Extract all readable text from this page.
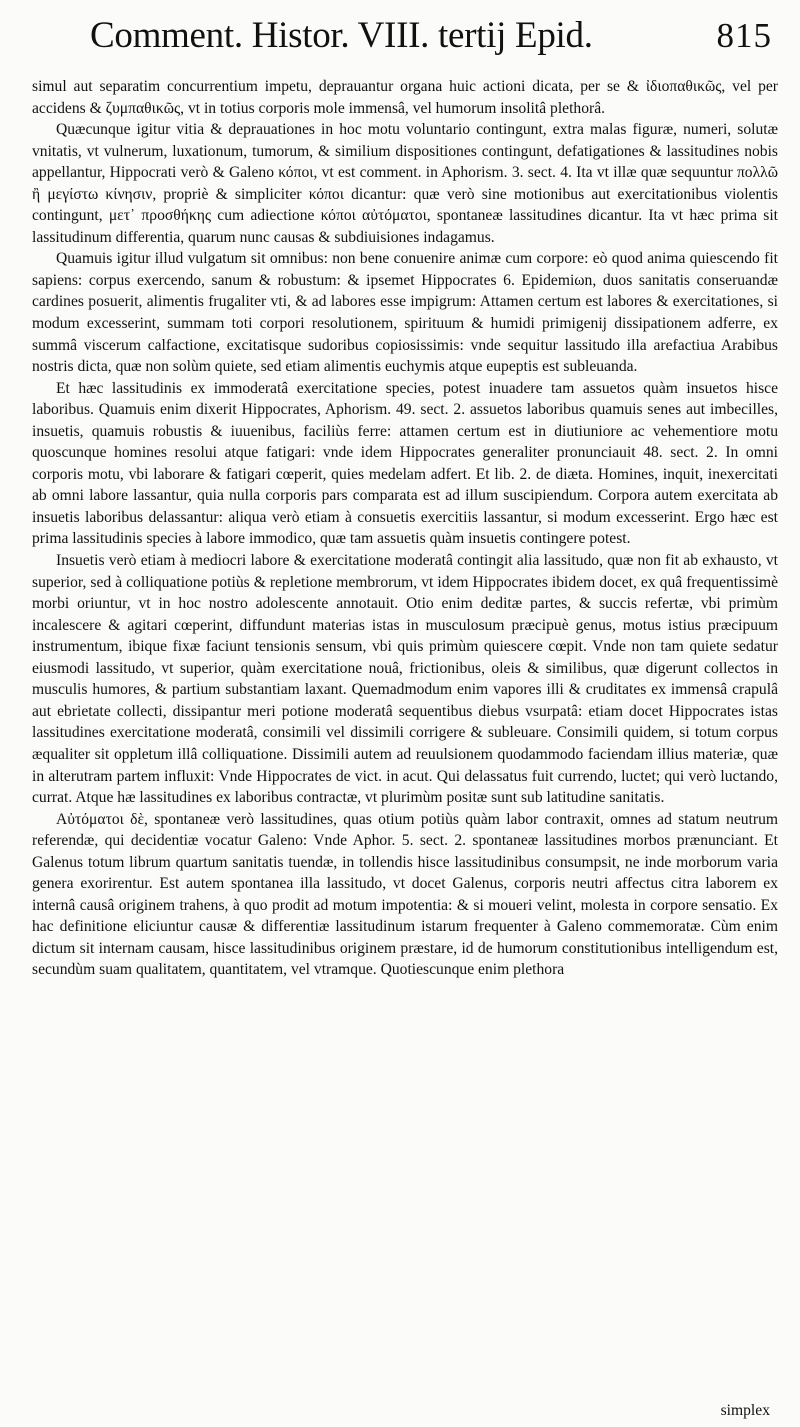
Comment. Histor. VIII. tertij Epid.	815

simul aut separatim concurrentium impetu, deprauantur organa huic actioni dicata, per se & ἰδιοπαθικῶς, vel per accidens & ζυμπαθικῶς, vt in totius corporis mole immensâ, vel humorum insolitâ plethorâ.

Quæcunque igitur vitia & deprauationes in hoc motu voluntario contingunt, extra malas figuræ, numeri, solutæ vnitatis, vt vulnerum, luxationum, tumorum, & similium dispositiones contingunt, defatigationes & lassitudines nobis appellantur, Hippocrati verò & Galeno κόποι, vt est comment. in Aphorism. 3. sect. 4. Ita vt illæ quæ sequuntur πολλῶ ἢ μεγίστω κίνησιν, propriè & simpliciter κόποι dicantur: quæ verò sine motionibus aut exercitationibus violentis contingunt, μετ᾽ προσθήκης cum adiectione κόποι αὐτόματοι, spontaneæ lassitudines dicantur. Ita vt hæc prima sit lassitudinum differentia, quarum nunc causas & subdiuisiones indagamus.

Quamuis igitur illud vulgatum sit omnibus: non bene conuenire animæ cum corpore: eò quod anima quiescendo fit sapiens: corpus exercendo, sanum & robustum: & ipsemet Hippocrates 6. Epidemiωn, duos sanitatis conseruandæ cardines posuerit, alimentis frugaliter vti, & ad labores esse impigrum: Attamen certum est labores & exercitationes, si modum excesserint, summam toti corpori resolutionem, spirituum & humidi primigenij dissipationem adferre, ex summâ viscerum calfactione, excitatisque sudoribus copiosissimis: vnde sequitur lassitudo illa arefactiua Arabibus nostris dicta, quæ non solùm quiete, sed etiam alimentis euchymis atque eupeptis est subleuanda.

Et hæc lassitudinis ex immoderatâ exercitatione species, potest inuadere tam assuetos quàm insuetos hisce laboribus. Quamuis enim dixerit Hippocrates, Aphorism. 49. sect. 2. assuetos laboribus quamuis senes aut imbecilles, insuetis, quamuis robustis & iuuenibus, faciliùs ferre: attamen certum est in diutiuniore ac vehementiore motu quoscunque homines resolui atque fatigari: vnde idem Hippocrates generaliter pronunciauit 48. sect. 2. In omni corporis motu, vbi laborare & fatigari cœperit, quies medelam adfert. Et lib. 2. de diæta. Homines, inquit, inexercitati ab omni labore lassantur, quia nulla corporis pars comparata est ad illum suscipiendum. Corpora autem exercitata ab insuetis laboribus delassantur: aliqua verò etiam à consuetis exercitiis lassantur, si modum excesserint. Ergo hæc est prima lassitudinis species à labore immodico, quæ tam assuetis quàm insuetis contingere potest.

Insuetis verò etiam à mediocri labore & exercitatione moderatâ contingit alia lassitudo, quæ non fit ab exhausto, vt superior, sed à colliquatione potiùs & repletione membrorum, vt idem Hippocrates ibidem docet, ex quâ frequentissimè morbi oriuntur, vt in hoc nostro adolescente annotauit. Otio enim deditæ partes, & succis refertæ, vbi primùm incalescere & agitari cœperint, diffundunt materias istas in musculosum præcipuè genus, motus istius præcipuum instrumentum, ibique fixæ faciunt tensionis sensum, vbi quis primùm quiescere cœpit. Vnde non tam quiete sedatur eiusmodi lassitudo, vt superior, quàm exercitatione nouâ, frictionibus, oleis & similibus, quæ digerunt collectos in musculis humores, & partium substantiam laxant. Quemadmodum enim vapores illi & cruditates ex immensâ crapulâ aut ebrietate collecti, dissipantur meri potione moderatâ sequentibus diebus vsurpatâ: etiam docet Hippocrates istas lassitudines exercitatione moderatâ, consimili vel dissimili corrigere & subleuare. Consimili quidem, si totum corpus æqualiter sit oppletum illâ colliquatione. Dissimili autem ad reuulsionem quodammodo faciendam illius materiæ, quæ in alterutram partem influxit: Vnde Hippocrates de vict. in acut. Qui delassatus fuit currendo, luctet; qui verò luctando, currat. Atque hæ lassitudines ex laboribus contractæ, vt plurimùm positæ sunt sub latitudine sanitatis.

Αὐτόματοι δὲ, spontaneæ verò lassitudines, quas otium potiùs quàm labor contraxit, omnes ad statum neutrum referendæ, qui decidentiæ vocatur Galeno: Vnde Aphor. 5. sect. 2. spontaneæ lassitudines morbos prænunciant. Et Galenus totum librum quartum sanitatis tuendæ, in tollendis hisce lassitudinibus consumpsit, ne inde morborum varia genera exorirentur. Est autem spontanea illa lassitudo, vt docet Galenus, corporis neutri affectus citra laborem ex internâ causâ originem trahens, à quo prodit ad motum impotentia: & si moueri velint, molesta in corpore sensatio. Ex hac definitione eliciuntur causæ & differentiæ lassitudinum istarum frequenter à Galeno commemoratæ. Cùm enim dictum sit internam causam, hisce lassitudinibus originem præstare, id de humorum constitutionibus intelligendum est, secundùm suam qualitatem, quantitatem, vel vtramque. Quotiescunque enim plethora

simplex
